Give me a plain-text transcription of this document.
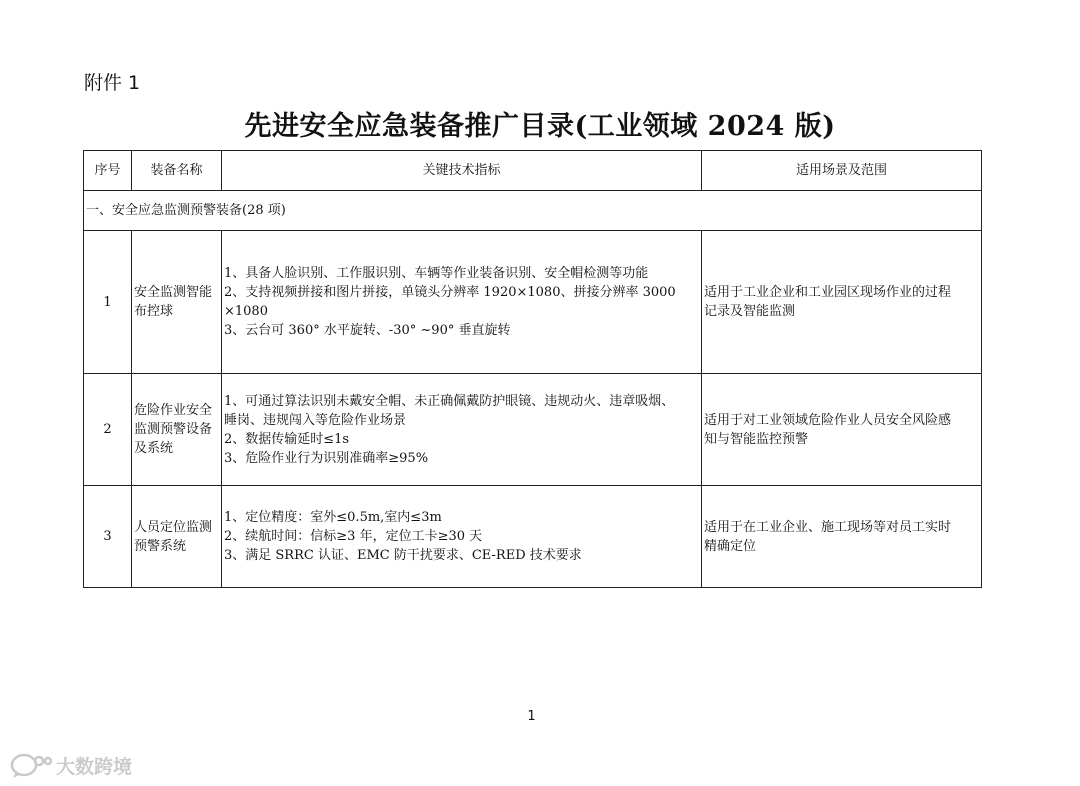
附件 1
先进安全应急装备推广目录(工业领域 2024 版)
序号	装备名称	关键技术指标	适用场景及范围
一、安全应急监测预警装备(28 项)			
1	安全监测智能布控球	1、具备人脸识别、工作服识别、车辆等作业装备识别、安全帽检测等功能
2、支持视频拼接和图片拼接，单镜头分辨率 1920×1080、拼接分辨率 3000
×1080
3、云台可 360° 水平旋转、-30° ~90° 垂直旋转	适用于工业企业和工业园区现场作业的过程
记录及智能监测

2	危险作业安全监测预警设备及系统	1、可通过算法识别未戴安全帽、未正确佩戴防护眼镜、违规动火、违章吸烟、
睡岗、违规闯入等危险作业场景
2、数据传输延时≤1s
3、危险作业行为识别准确率≥95%	适用于对工业领域危险作业人员安全风险感
知与智能监控预警

3	人员定位监测预警系统	1、定位精度：室外≤0.5m,室内≤3m
2、续航时间：信标≥3 年，定位工卡≥30 天
3、满足 SRRC 认证、EMC 防干扰要求、CE-RED 技术要求	适用于在工业企业、施工现场等对员工实时
精确定位
1
大数跨境
